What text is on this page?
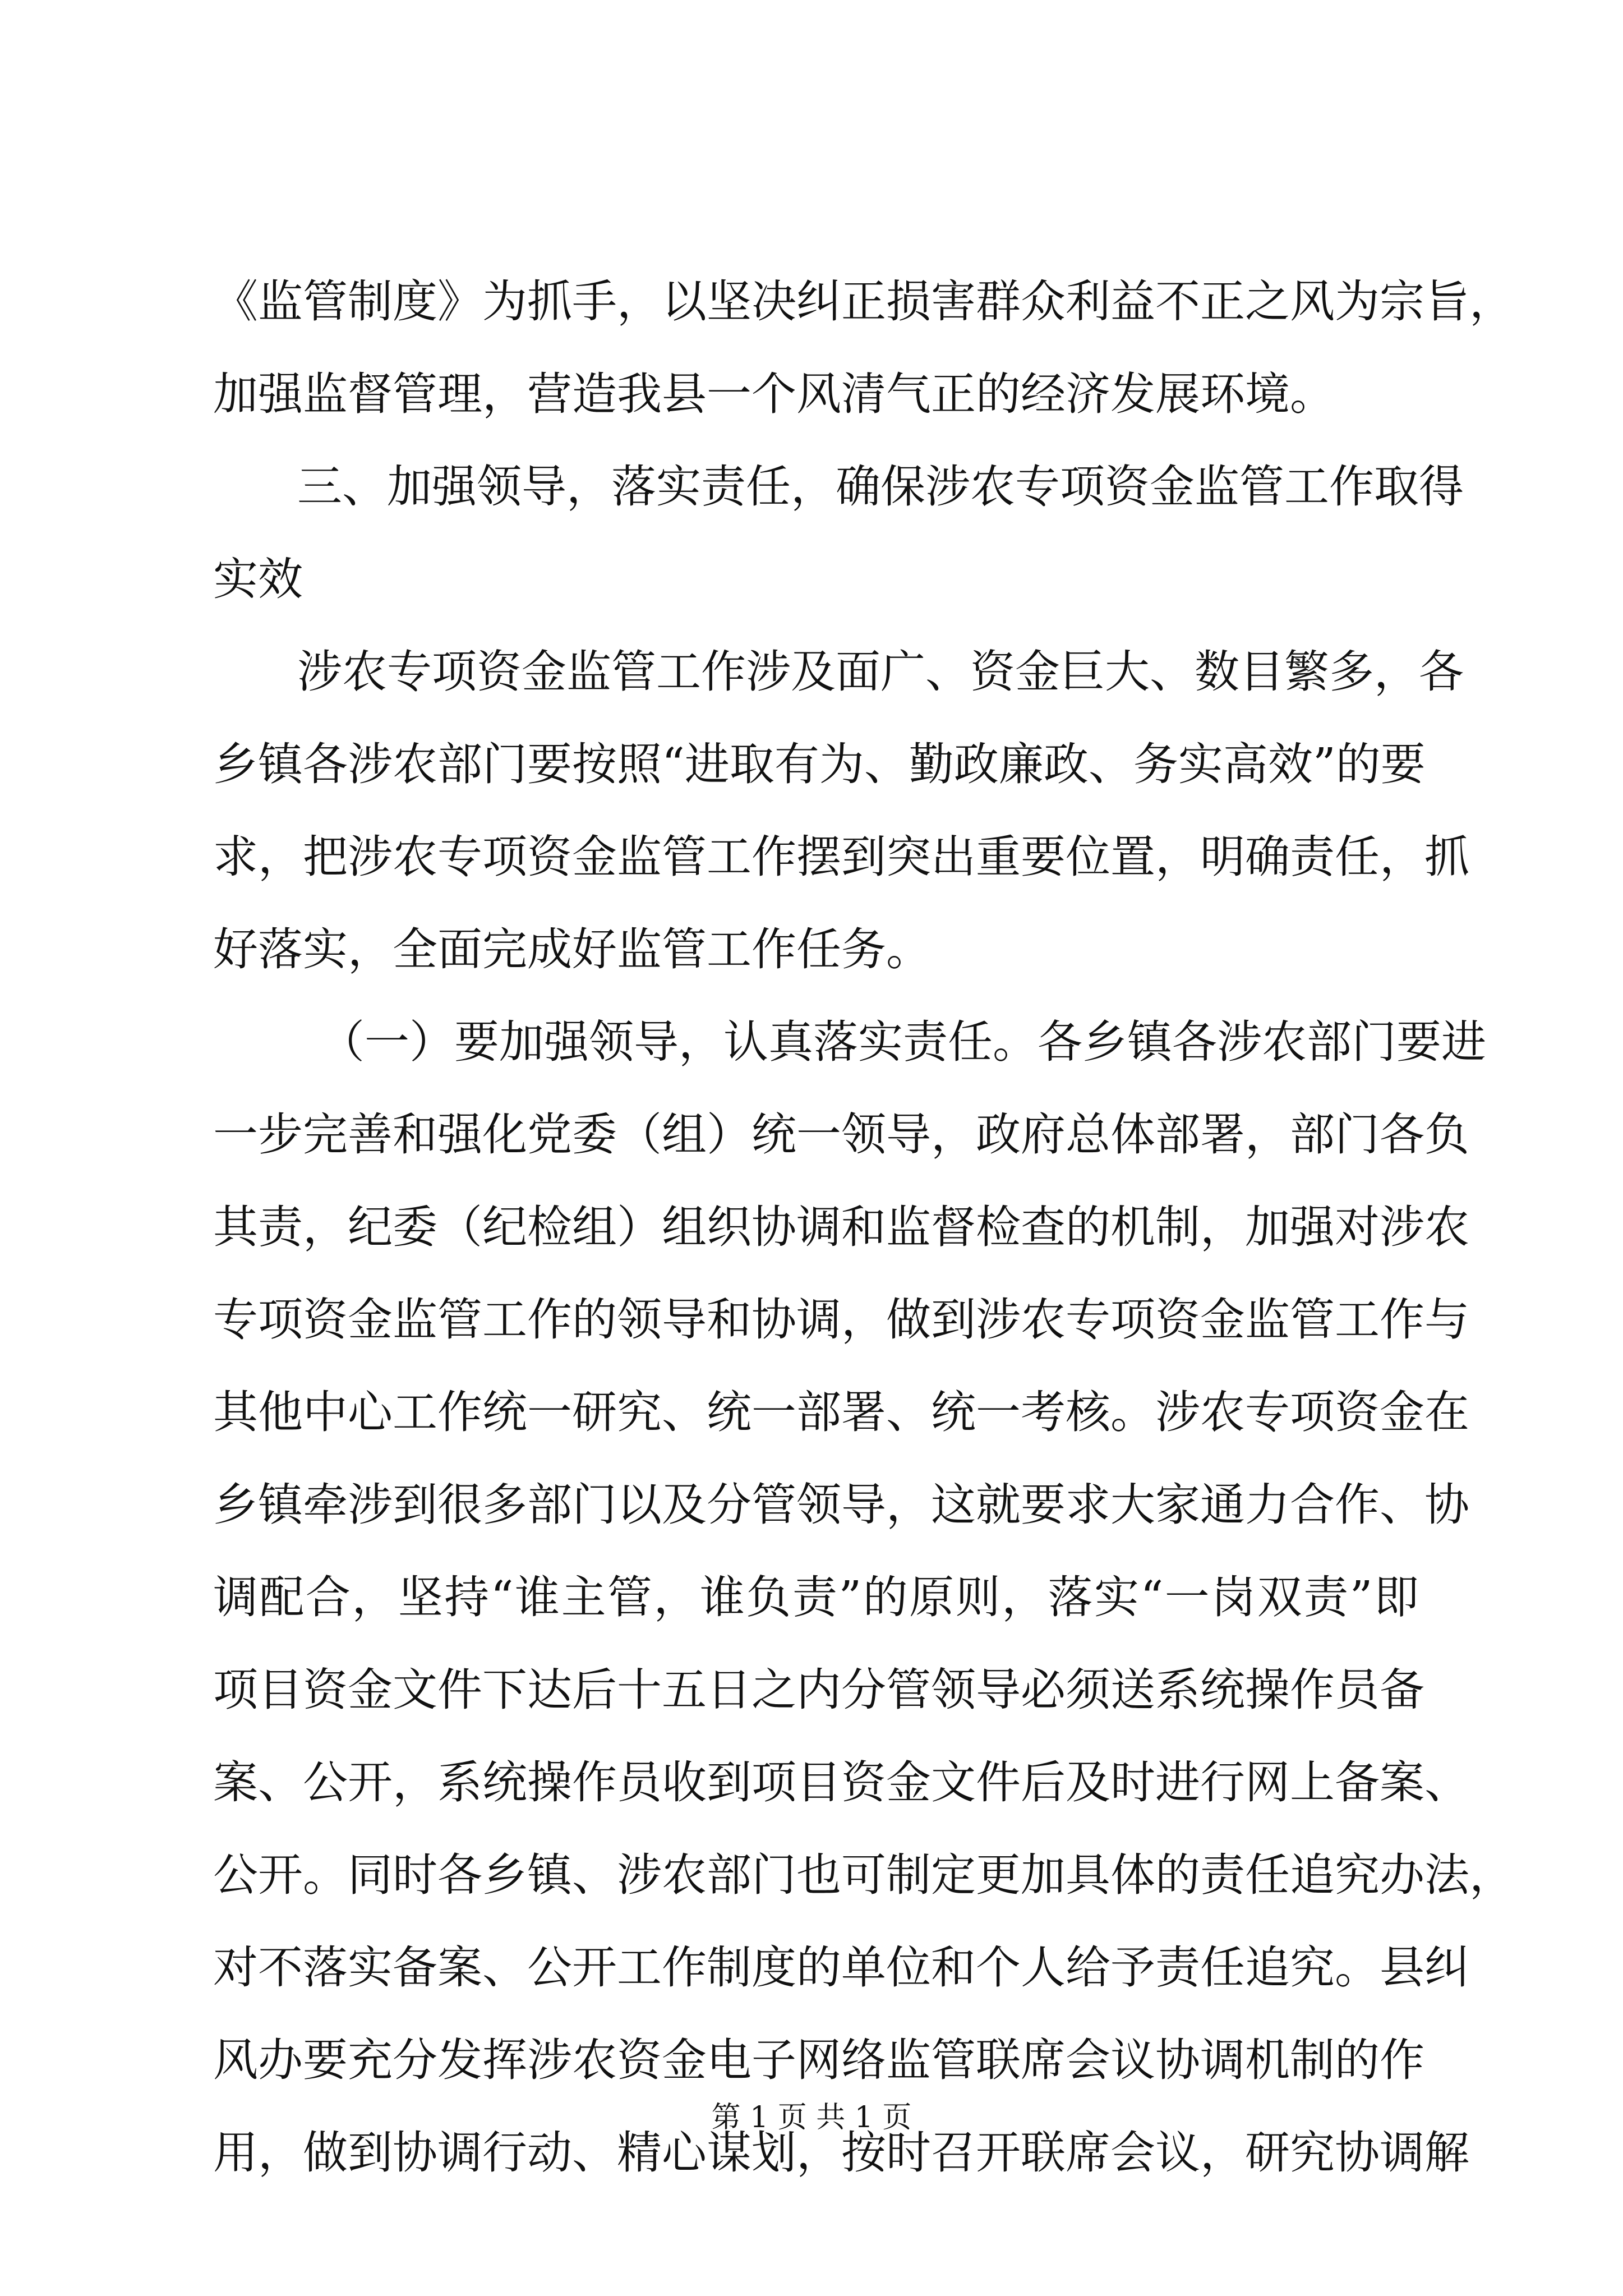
《监管制度》为抓手，以坚决纠正损害群众利益不正之风为宗旨，
加强监督管理，营造我县一个风清气正的经济发展环境。
三、加强领导，落实责任，确保涉农专项资金监管工作取得
实效
涉农专项资金监管工作涉及面广、资金巨大、数目繁多，各
乡镇各涉农部门要按照“进取有为、勤政廉政、务实高效”的要
求，把涉农专项资金监管工作摆到突出重要位置，明确责任，抓
好落实，全面完成好监管工作任务。
（一）要加强领导，认真落实责任。各乡镇各涉农部门要进
一步完善和强化党委（组）统一领导，政府总体部署，部门各负
其责，纪委（纪检组）组织协调和监督检查的机制，加强对涉农
专项资金监管工作的领导和协调，做到涉农专项资金监管工作与
其他中心工作统一研究、统一部署、统一考核。涉农专项资金在
乡镇牵涉到很多部门以及分管领导，这就要求大家通力合作、协
调配合，坚持“谁主管，谁负责”的原则，落实“一岗双责”即
项目资金文件下达后十五日之内分管领导必须送系统操作员备
案、公开，系统操作员收到项目资金文件后及时进行网上备案、
公开。同时各乡镇、涉农部门也可制定更加具体的责任追究办法，
对不落实备案、公开工作制度的单位和个人给予责任追究。县纠
风办要充分发挥涉农资金电子网络监管联席会议协调机制的作
用，做到协调行动、精心谋划，按时召开联席会议，研究协调解
第 1 页 共 1 页
